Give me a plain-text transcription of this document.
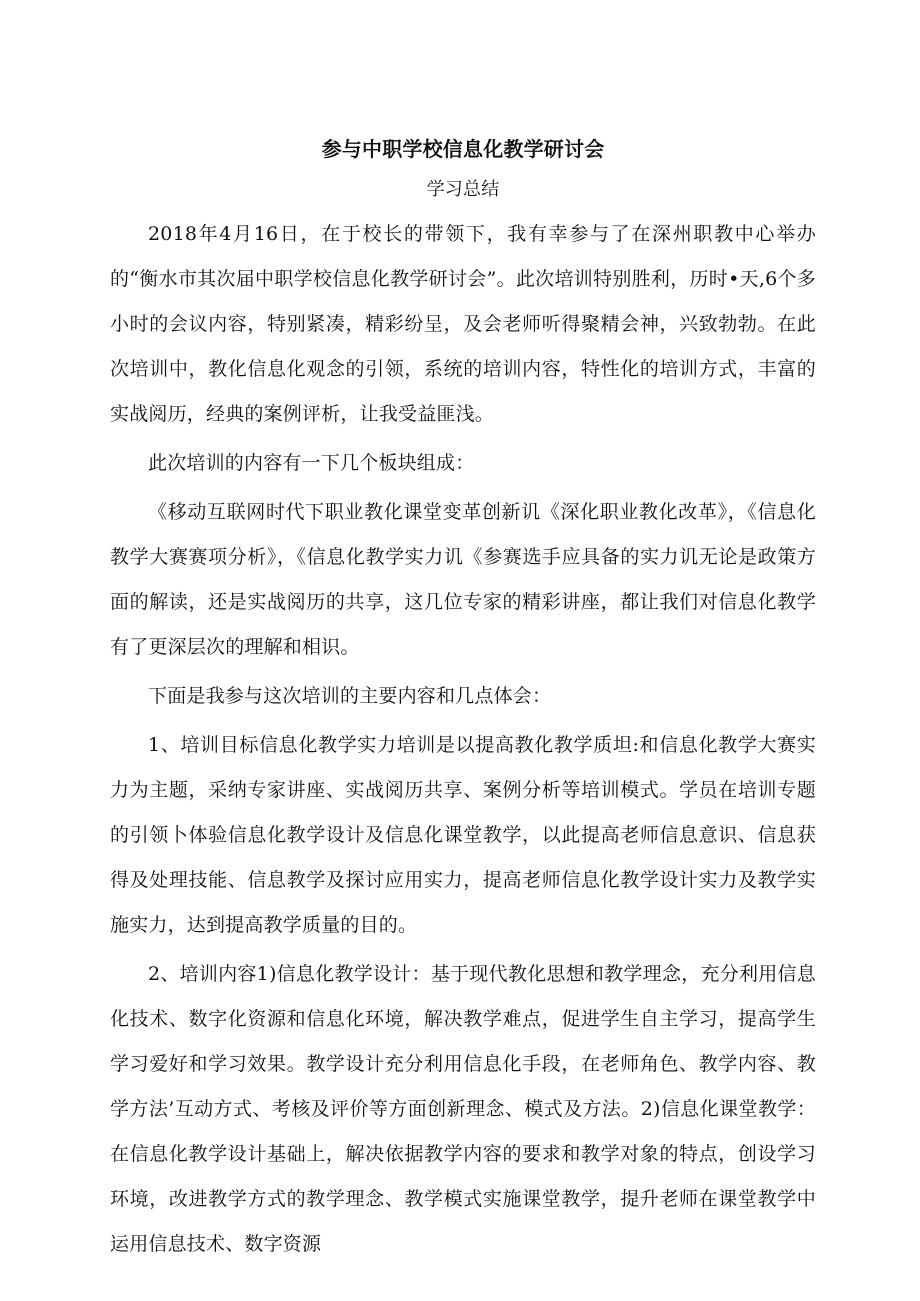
参与中职学校信息化教学研讨会
学习总结

2018年4月16日，在于校长的带领下，我有幸参与了在深州职教中心举办的“衡水市其次届中职学校信息化教学研讨会”。此次培训特别胜利，历时•天,6个多小时的会议内容，特别紧凑，精彩纷呈，及会老师听得聚精会神，兴致勃勃。在此次培训中，教化信息化观念的引领，系统的培训内容，特性化的培训方式，丰富的实战阅历，经典的案例评析，让我受益匪浅。

此次培训的内容有一下几个板块组成：

《移动互联网时代下职业教化课堂变革创新讥《深化职业教化改革》，《信息化教学大赛赛项分析》，《信息化教学实力讥《参赛选手应具备的实力讥无论是政策方面的解读，还是实战阅历的共享，这几位专家的精彩讲座，都让我们对信息化教学有了更深层次的理解和相识。

下面是我参与这次培训的主要内容和几点体会：

1、培训目标信息化教学实力培训是以提高教化教学质坦:和信息化教学大赛实力为主题，采纳专家讲座、实战阅历共享、案例分析等培训模式。学员在培训专题的引领卜体验信息化教学设计及信息化课堂教学，以此提高老师信息意识、信息获得及处理技能、信息教学及探讨应用实力，提高老师信息化教学设计实力及教学实施实力，达到提高教学质量的目的。

2、培训内容1)信息化教学设计：基于现代教化思想和教学理念，充分利用信息化技术、数字化资源和信息化环境，解决教学难点，促进学生自主学习，提高学生学习爱好和学习效果。教学设计充分利用信息化手段，在老师角色、教学内容、教学方法’互动方式、考核及评价等方面创新理念、模式及方法。2)信息化课堂教学：在信息化教学设计基础上，解决依据教学内容的要求和教学对象的特点，创设学习环境，改进教学方式的教学理念、教学模式实施课堂教学，提升老师在课堂教学中运用信息技术、数字资源
